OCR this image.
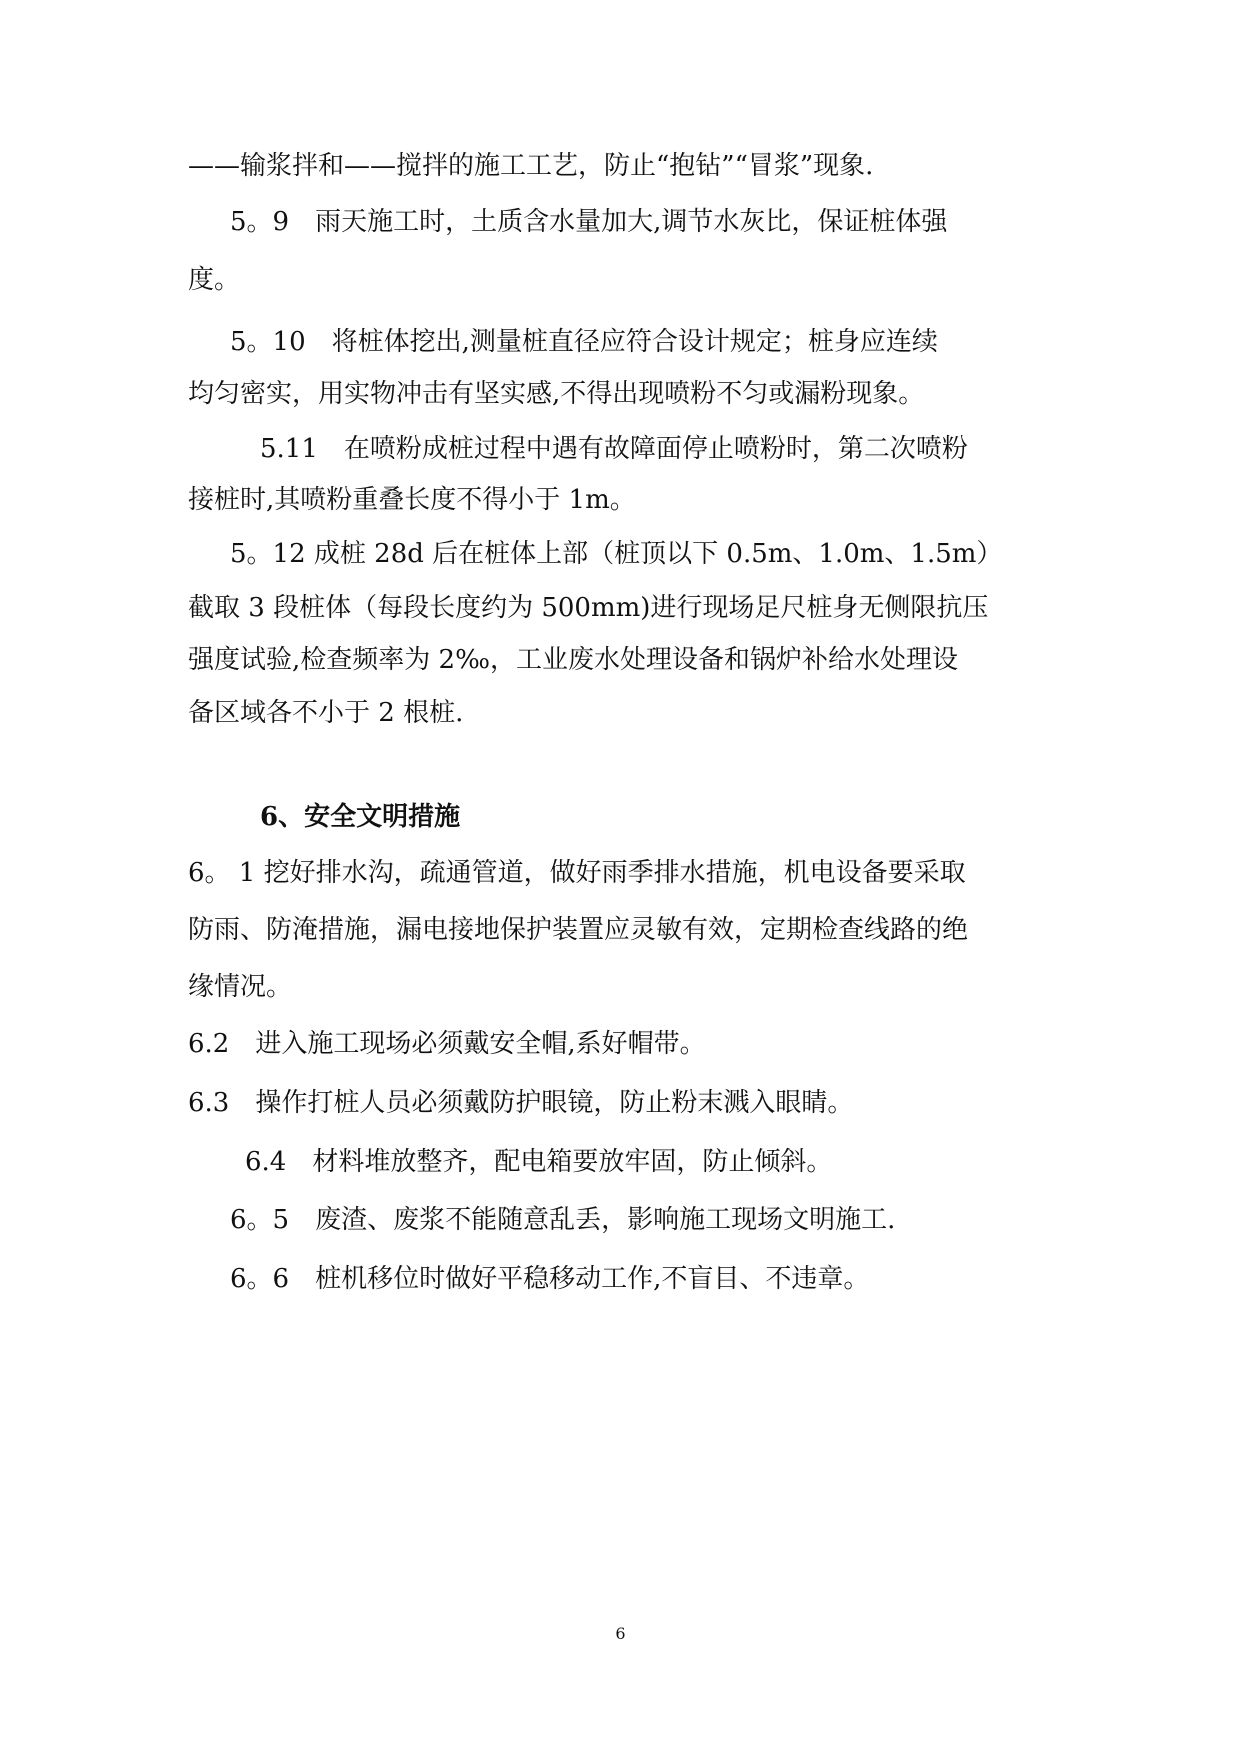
——输浆拌和——搅拌的施工工艺，防止“抱钻”“冒浆”现象.
5。9　雨天施工时，土质含水量加大,调节水灰比，保证桩体强
度。
5。10　将桩体挖出,测量桩直径应符合设计规定；桩身应连续
均匀密实，用实物冲击有坚实感,不得出现喷粉不匀或漏粉现象。
5.11　在喷粉成桩过程中遇有故障面停止喷粉时，第二次喷粉
接桩时,其喷粉重叠长度不得小于 1m。
5。12 成桩 28d 后在桩体上部（桩顶以下 0.5m、1.0m、1.5m）
截取 3 段桩体（每段长度约为 500mm)进行现场足尺桩身无侧限抗压
强度试验,检查频率为 2‰，工业废水处理设备和锅炉补给水处理设
备区域各不小于 2 根桩.
6、安全文明措施
6。 1 挖好排水沟，疏通管道，做好雨季排水措施，机电设备要采取
防雨、防淹措施，漏电接地保护装置应灵敏有效，定期检查线路的绝
缘情况。
6.2　进入施工现场必须戴安全帽,系好帽带。
6.3　操作打桩人员必须戴防护眼镜，防止粉末溅入眼睛。
6.4　材料堆放整齐，配电箱要放牢固，防止倾斜。
6。5　废渣、废浆不能随意乱丢，影响施工现场文明施工.
6。6　桩机移位时做好平稳移动工作,不盲目、不违章。
6
